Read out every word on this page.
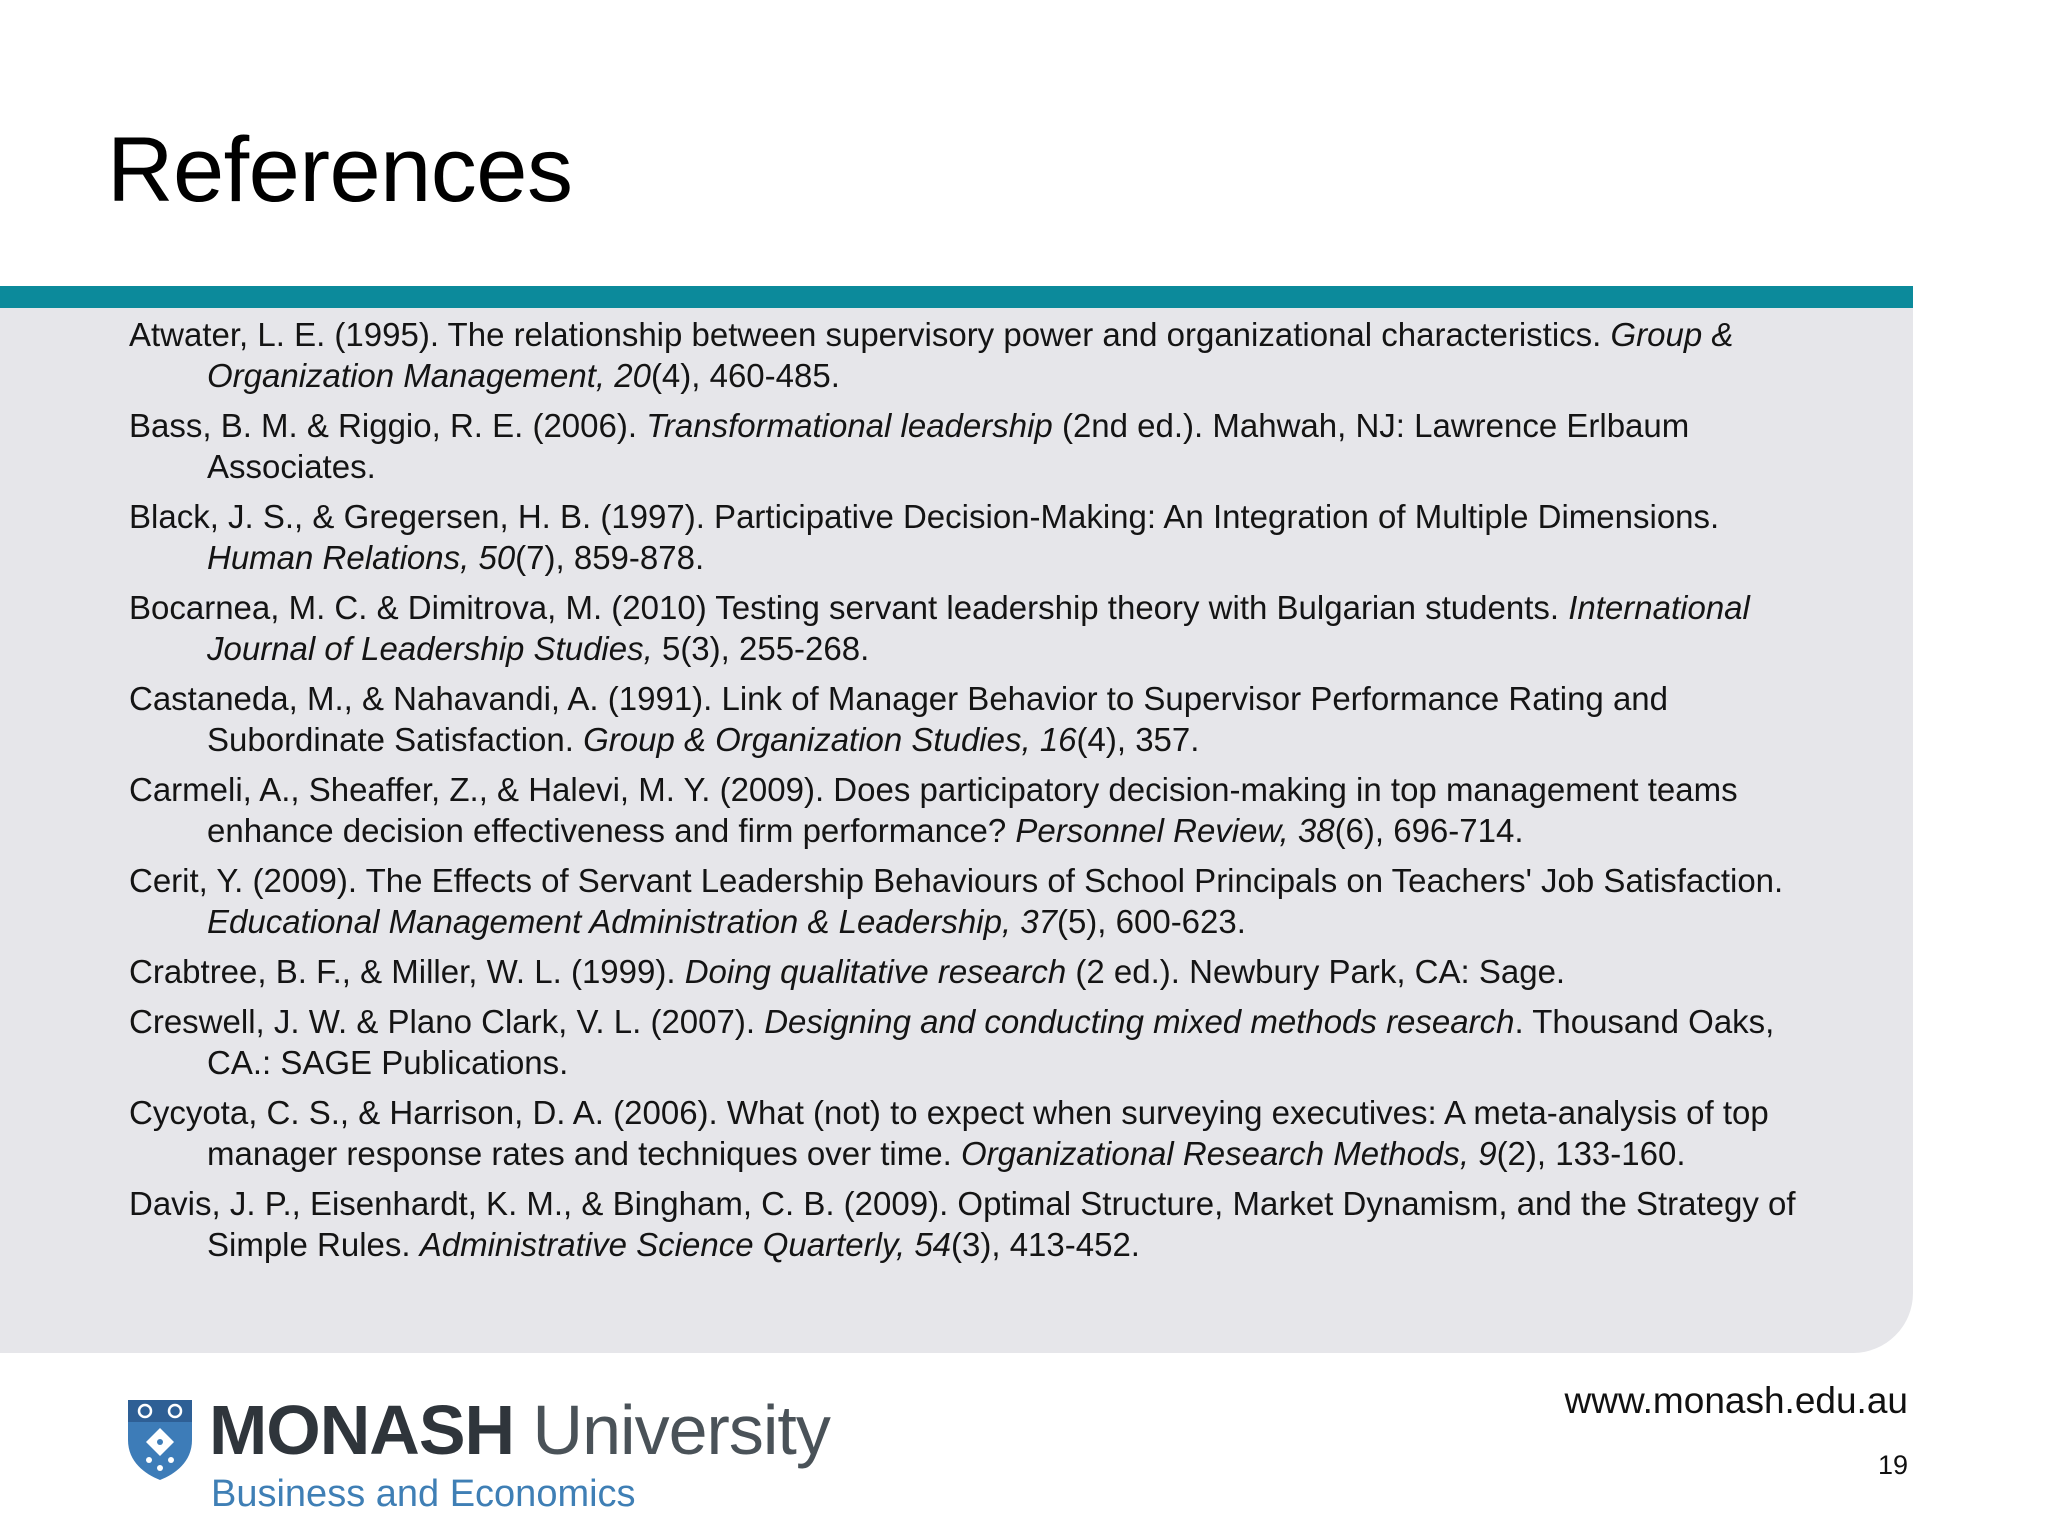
References
Atwater, L. E. (1995). The relationship between supervisory power and organizational characteristics. Group & Organization Management, 20(4), 460-485.
Bass, B. M. & Riggio, R. E. (2006). Transformational leadership (2nd ed.). Mahwah, NJ: Lawrence Erlbaum Associates.
Black, J. S., & Gregersen, H. B. (1997). Participative Decision-Making: An Integration of Multiple Dimensions. Human Relations, 50(7), 859-878.
Bocarnea, M. C. & Dimitrova, M. (2010) Testing servant leadership theory with Bulgarian students. International Journal of Leadership Studies, 5(3), 255-268.
Castaneda, M., & Nahavandi, A. (1991). Link of Manager Behavior to Supervisor Performance Rating and Subordinate Satisfaction. Group & Organization Studies, 16(4), 357.
Carmeli, A., Sheaffer, Z., & Halevi, M. Y. (2009). Does participatory decision-making in top management teams enhance decision effectiveness and firm performance? Personnel Review, 38(6), 696-714.
Cerit, Y. (2009). The Effects of Servant Leadership Behaviours of School Principals on Teachers' Job Satisfaction. Educational Management Administration & Leadership, 37(5), 600-623.
Crabtree, B. F., & Miller, W. L. (1999). Doing qualitative research (2 ed.). Newbury Park, CA: Sage.
Creswell, J. W. & Plano Clark, V. L. (2007). Designing and conducting mixed methods research. Thousand Oaks, CA.: SAGE Publications.
Cycyota, C. S., & Harrison, D. A. (2006). What (not) to expect when surveying executives: A meta-analysis of top manager response rates and techniques over time. Organizational Research Methods, 9(2), 133-160.
Davis, J. P., Eisenhardt, K. M., & Bingham, C. B. (2009). Optimal Structure, Market Dynamism, and the Strategy of Simple Rules. Administrative Science Quarterly, 54(3), 413-452.
MONASH University
Business and Economics
www.monash.edu.au
19
